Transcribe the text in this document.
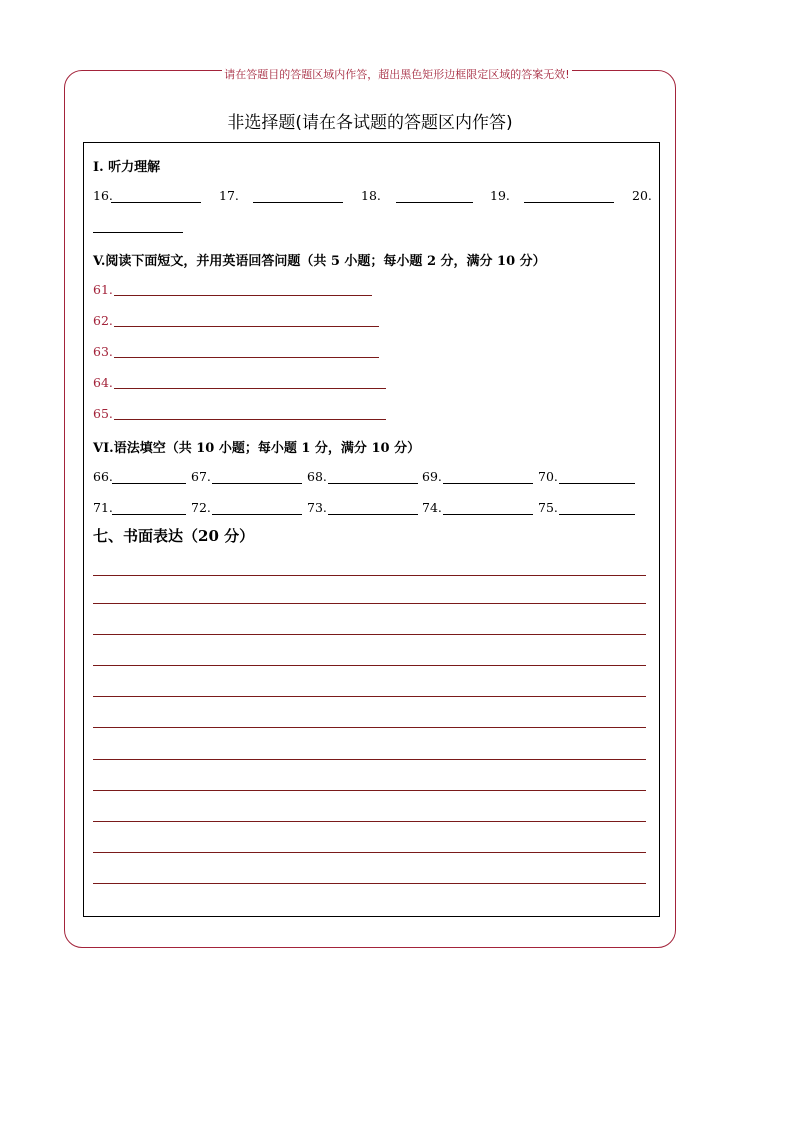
请在答题目的答题区域内作答，超出黑色矩形边框限定区域的答案无效!
非选择题(请在各试题的答题区内作答)
I. 听力理解
16.	17.	18.	19.	20.
V.阅读下面短文，并用英语回答问题（共 5 小题；每小题 2 分，满分 10 分）
61.
62.
63.
64.
65.
VI.语法填空（共 10 小题；每小题 1 分，满分 10 分）
66.	67.	68.	69.	70.
71.	72.	73.	74.	75.
七、书面表达（20 分）
